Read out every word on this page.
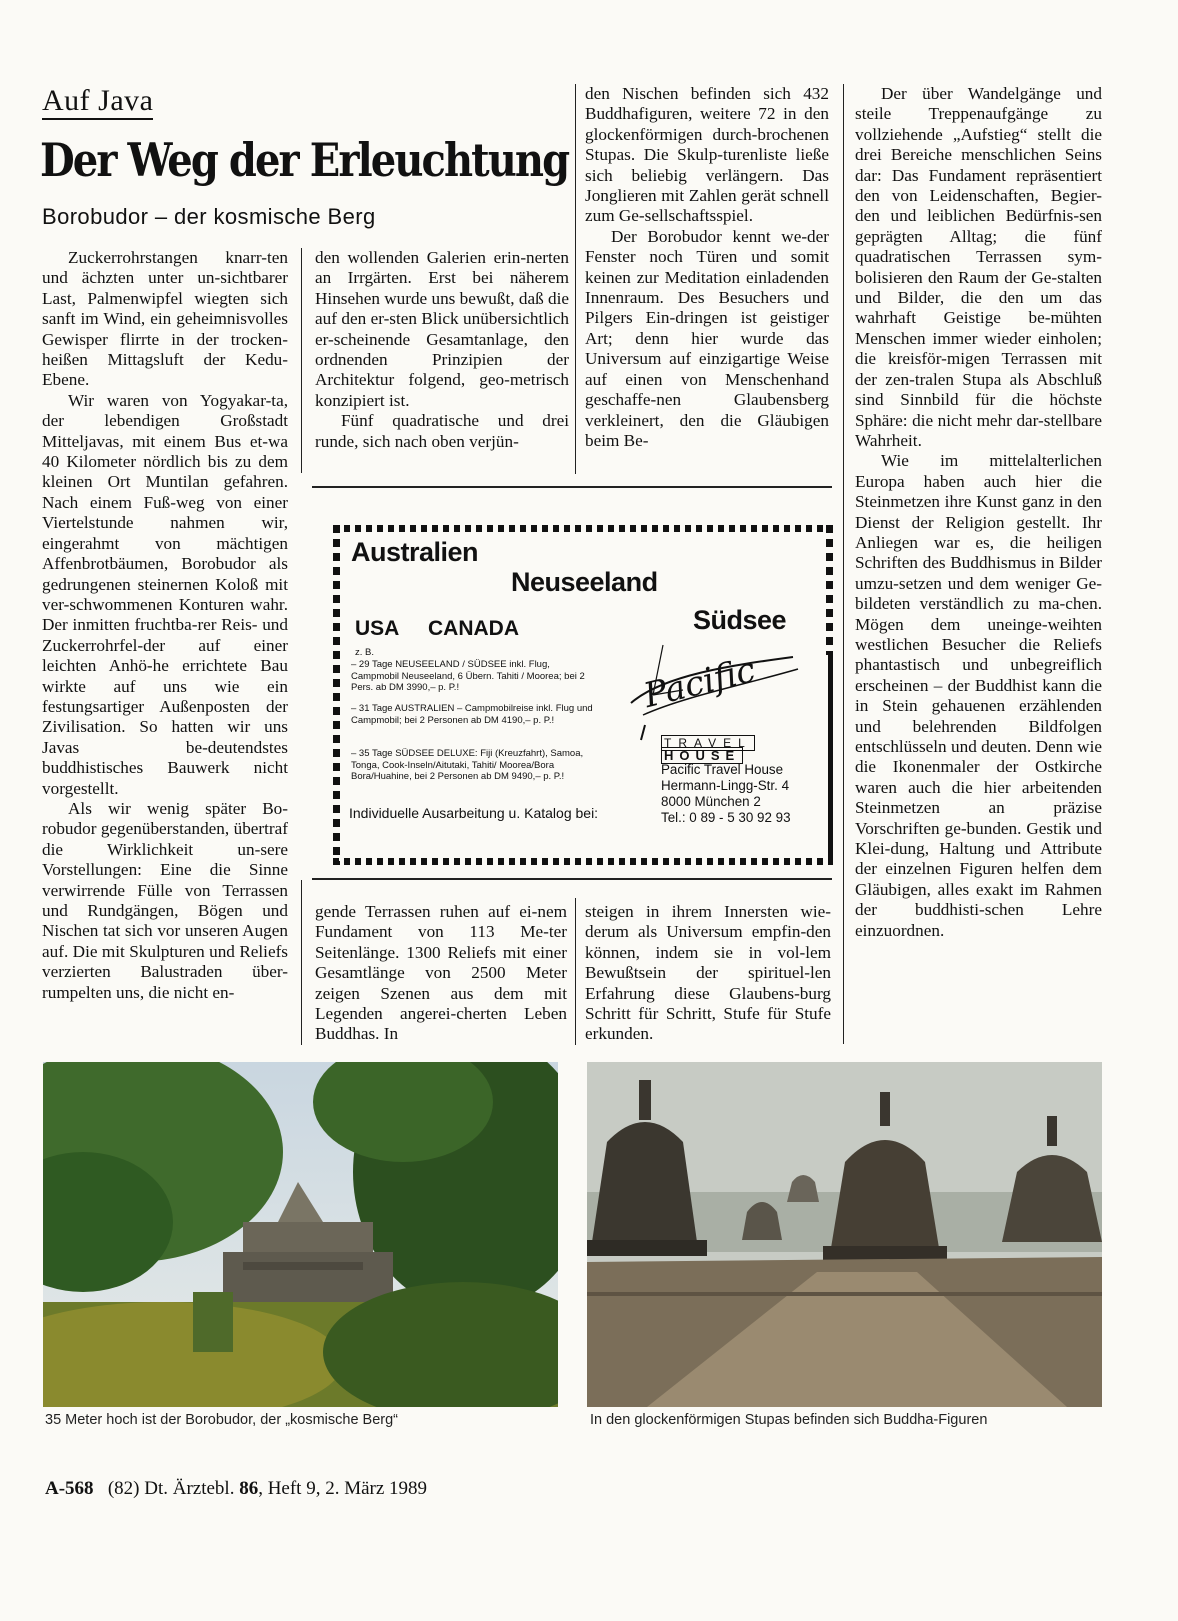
Auf Java
Der Weg der Erleuchtung
Borobudor – der kosmische Berg

Zuckerrohrstangen knarr-ten und ächzten unter un-sichtbarer Last, Palmenwipfel wiegten sich sanft im Wind, ein geheimnisvolles Gewisper flirrte in der trocken-heißen Mittagsluft der Kedu-Ebene.

Wir waren von Yogyakar-ta, der lebendigen Großstadt Mitteljavas, mit einem Bus et-wa 40 Kilometer nördlich bis zu dem kleinen Ort Muntilan gefahren. Nach einem Fuß-weg von einer Viertelstunde nahmen wir, eingerahmt von mächtigen Affenbrotbäumen, Borobudor als gedrungenen steinernen Koloß mit ver-schwommenen Konturen wahr. Der inmitten fruchtba-rer Reis- und Zuckerrohrfel-der auf einer leichten Anhö-he errichtete Bau wirkte auf uns wie ein festungsartiger Außenposten der Zivilisation. So hatten wir uns Javas be-deutendstes buddhistisches Bauwerk nicht vorgestellt.

Als wir wenig später Bo-robudor gegenüberstanden, übertraf die Wirklichkeit un-sere Vorstellungen: Eine die Sinne verwirrende Fülle von Terrassen und Rundgängen, Bögen und Nischen tat sich vor unseren Augen auf. Die mit Skulpturen und Reliefs verzierten Balustraden über-rumpelten uns, die nicht en-

den wollenden Galerien erin-nerten an Irrgärten. Erst bei näherem Hinsehen wurde uns bewußt, daß die auf den er-sten Blick unübersichtlich er-scheinende Gesamtanlage, den ordnenden Prinzipien der Architektur folgend, geo-metrisch konzipiert ist.

Fünf quadratische und drei runde, sich nach oben verjün-

den Nischen befinden sich 432 Buddhafiguren, weitere 72 in den glockenförmigen durch-brochenen Stupas. Die Skulp-turenliste ließe sich beliebig verlängern. Das Jonglieren mit Zahlen gerät schnell zum Ge-sellschaftsspiel.

Der Borobudor kennt we-der Fenster noch Türen und somit keinen zur Meditation einladenden Innenraum. Des Besuchers und Pilgers Ein-dringen ist geistiger Art; denn hier wurde das Universum auf einzigartige Weise auf einen von Menschenhand geschaffe-nen Glaubensberg verkleinert, den die Gläubigen beim Be-

Der über Wandelgänge und steile Treppenaufgänge zu vollziehende „Aufstieg“ stellt die drei Bereiche menschlichen Seins dar: Das Fundament repräsentiert den von Leidenschaften, Begier-den und leiblichen Bedürfnis-sen geprägten Alltag; die fünf quadratischen Terrassen sym-bolisieren den Raum der Ge-stalten und Bilder, die den um das wahrhaft Geistige be-mühten Menschen immer wieder einholen; die kreisför-migen Terrassen mit der zen-tralen Stupa als Abschluß sind Sinnbild für die höchste Sphäre: die nicht mehr dar-stellbare Wahrheit.

Wie im mittelalterlichen Europa haben auch hier die Steinmetzen ihre Kunst ganz in den Dienst der Religion gestellt. Ihr Anliegen war es, die heiligen Schriften des Buddhismus in Bilder umzu-setzen und dem weniger Ge-bildeten verständlich zu ma-chen. Mögen dem uneinge-weihten westlichen Besucher die Reliefs phantastisch und unbegreiflich erscheinen – der Buddhist kann die in Stein gehauenen erzählenden und belehrenden Bildfolgen entschlüsseln und deuten. Denn wie die Ikonenmaler der Ostkirche waren auch die hier arbeitenden Steinmetzen an präzise Vorschriften ge-bunden. Gestik und Klei-dung, Haltung und Attribute der einzelnen Figuren helfen dem Gläubigen, alles exakt im Rahmen der buddhisti-schen Lehre einzuordnen.

Australien
Neuseeland
Südsee
USA CANADA
z. B.
– 29 Tage NEUSEELAND / SÜDSEE inkl. Flug, Campmobil Neuseeland, 6 Übern. Tahiti / Moorea; bei 2 Pers. ab DM 3990,– p. P.!
– 31 Tage AUSTRALIEN – Campmobilreise inkl. Flug und Campmobil; bei 2 Personen ab DM 4190,– p. P.!
– 35 Tage SÜDSEE DELUXE: Fiji (Kreuzfahrt), Samoa, Tonga, Cook-Inseln/Aitutaki, Tahiti/ Moorea/Bora Bora/Huahine, bei 2 Personen ab DM 9490,– p. P.!
Individuelle Ausarbeitung u. Katalog bei:
Pacific
TRAVEL
HOUSE
Pacific Travel House
Hermann-Lingg-Str. 4
8000 München 2
Tel.: 0 89 - 5 30 92 93

gende Terrassen ruhen auf ei-nem Fundament von 113 Me-ter Seitenlänge. 1300 Reliefs mit einer Gesamtlänge von 2500 Meter zeigen Szenen aus dem mit Legenden angerei-cherten Leben Buddhas. In

steigen in ihrem Innersten wie-derum als Universum empfin-den können, indem sie in vol-lem Bewußtsein der spirituel-len Erfahrung diese Glaubens-burg Schritt für Schritt, Stufe für Stufe erkunden.

35 Meter hoch ist der Borobudor, der „kosmische Berg“	In den glockenförmigen Stupas befinden sich Buddha-Figuren
A-568 (82) Dt. Ärztebl. 86, Heft 9, 2. März 1989
